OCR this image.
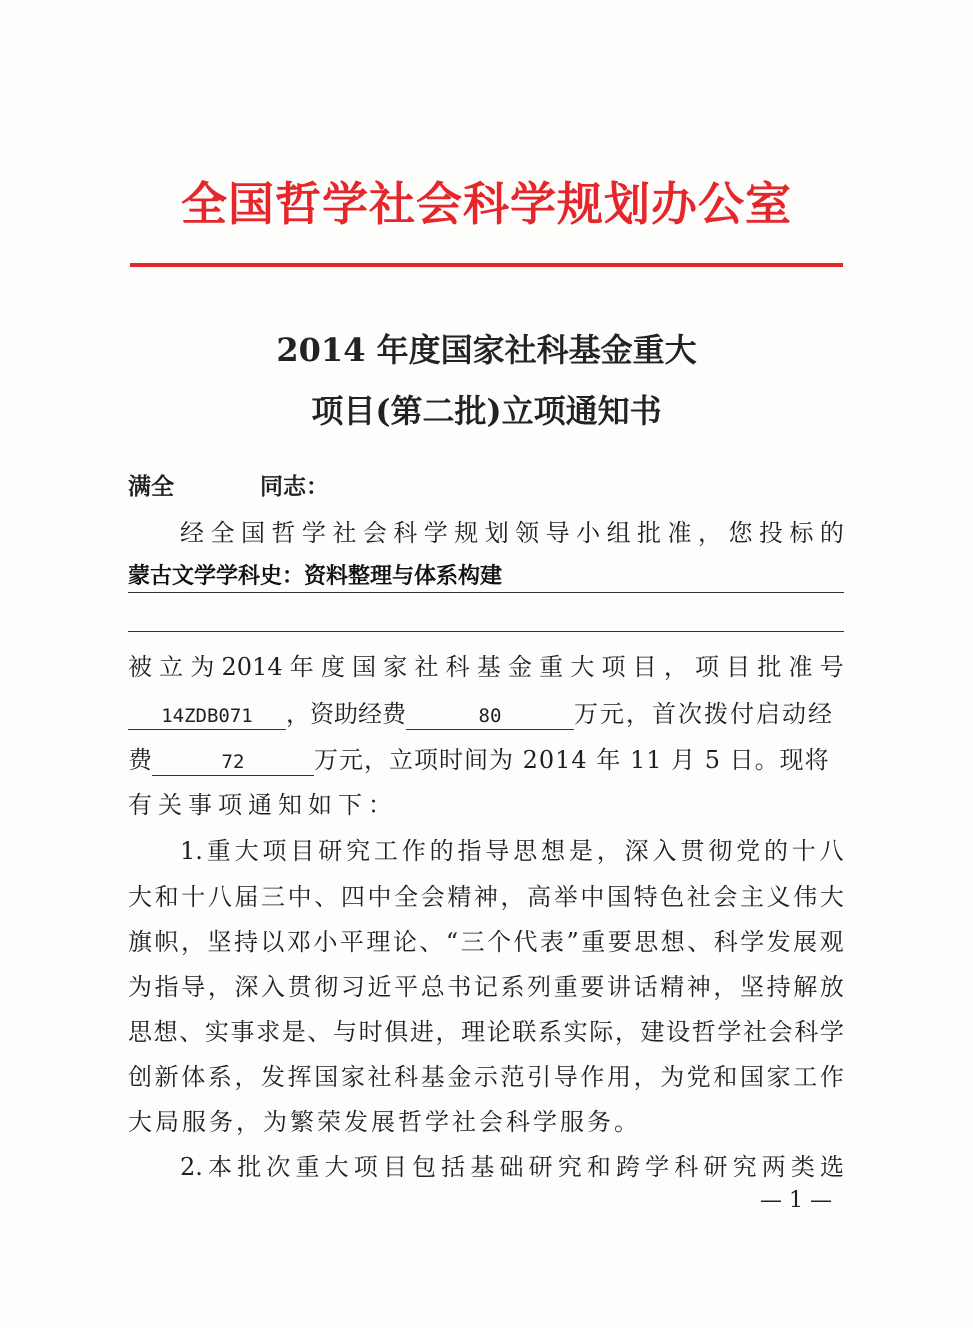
全国哲学社会科学规划办公室
2014 年度国家社科基金重大
项目(第二批)立项通知书
满全	同志：
经 全 国 哲 学 社 会 科 学 规 划 领 导 小 组 批 准 ， 您 投 标 的
蒙古文学学科史：资料整理与体系构建
被 立 为 2014 年 度 国 家 社 科 基 金 重 大 项 目 ， 项 目 批 准 号
14ZDB071 ，资助经费	80	万元，首次拨付启动经
费	72	万元，立项时间为 2014 年 11 月 5 日。现将
有关事项通知如下：
1. 重 大 项 目 研 究 工 作 的 指 导 思 想 是 ， 深 入 贯 彻 党 的 十 八
大 和 十 八 届 三 中 、 四 中 全 会 精 神 ， 高 举 中 国 特 色 社 会 主 义 伟 大
旗 帜 ， 坚 持 以 邓 小 平 理 论 、 “ 三 个 代 表 ” 重 要 思 想 、 科 学 发 展 观
为 指 导 ， 深 入 贯 彻 习 近 平 总 书 记 系 列 重 要 讲 话 精 神 ， 坚 持 解 放
思 想 、 实 事 求 是 、 与 时 俱 进 ， 理 论 联 系 实 际 ， 建 设 哲 学 社 会 科 学
创 新 体 系 ， 发 挥 国 家 社 科 基 金 示 范 引 导 作 用 ， 为 党 和 国 家 工 作
大局服务，为繁荣发展哲学社会科学服务。
2. 本 批 次 重 大 项 目 包 括 基 础 研 究 和 跨 学 科 研 究 两 类 选
— 1 —
